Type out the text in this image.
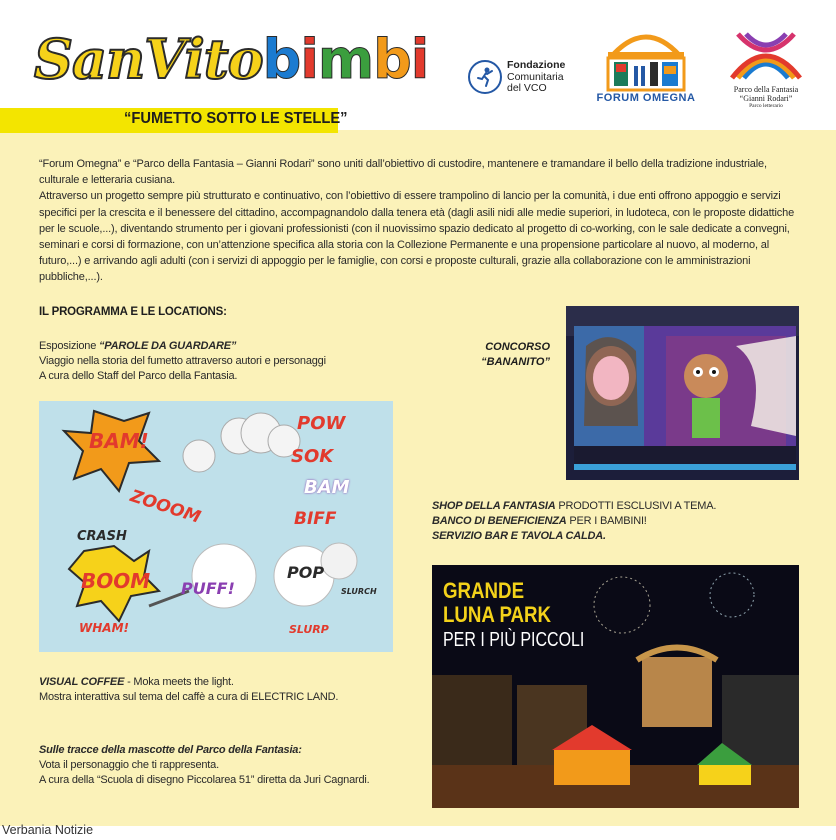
SanVitobimbi	Fondazione
Comunitaria
del VCO
FORUM OMEGNA
Parco della Fantasia
“Gianni Rodari”
Parco letterario
“FUMETTO SOTTO LE STELLE”

“Forum Omegna” e “Parco della Fantasia – Gianni Rodari” sono uniti dall’obiettivo di custodire, mantenere e tramandare il bello della tradizione industriale, culturale e letteraria cusiana.

Attraverso un progetto sempre più strutturato e continuativo, con l’obiettivo di essere trampolino di lancio per la comunità, i due enti offrono appoggio e servizi specifici per la crescita e il benessere del cittadino, accompagnandolo dalla tenera età (dagli asili nidi alle medie superiori, in ludoteca, con le proposte didattiche per le scuole,...), diventando strumento per i giovani professionisti (con il nuovissimo spazio dedicato al progetto di co-working, con le sale dedicate a convegni, seminari e corsi di formazione, con un’attenzione specifica alla storia con la Collezione Permanente e una propensione particolare al nuovo, al moderno, al futuro,...) e arrivando agli adulti (con i servizi di appoggio per le famiglie, con corsi e proposte culturali, grazie alla collaborazione con le amministrazioni pubbliche,...).

IL PROGRAMMA E LE LOCATIONS:
Esposizione “PAROLE DA GUARDARE”
Viaggio nella storia del fumetto attraverso autori e personaggi
A cura dello Staff del Parco della Fantasia.
CONCORSO
“BANANITO”
BAM!
POW
SOK
BAM
BIFF
ZOOOM
CRASH
BOOM
WHAM!
PUFF!
POP
SLURP
SLURCH
SHOP DELLA FANTASIA PRODOTTI ESCLUSIVI A TEMA.
BANCO DI BENEFICIENZA PER I BAMBINI!
SERVIZIO BAR E TAVOLA CALDA.
GRANDE
LUNA PARK
PER I PIÙ PICCOLI
VISUAL COFFEE - Moka meets the light.
Mostra interattiva sul tema del caffè a cura di ELECTRIC LAND.
Sulle tracce della mascotte del Parco della Fantasia:
Vota il personaggio che ti rappresenta.
A cura della “Scuola di disegno Piccolarea 51” diretta da Juri Cagnardi.
Verbania Notizie
